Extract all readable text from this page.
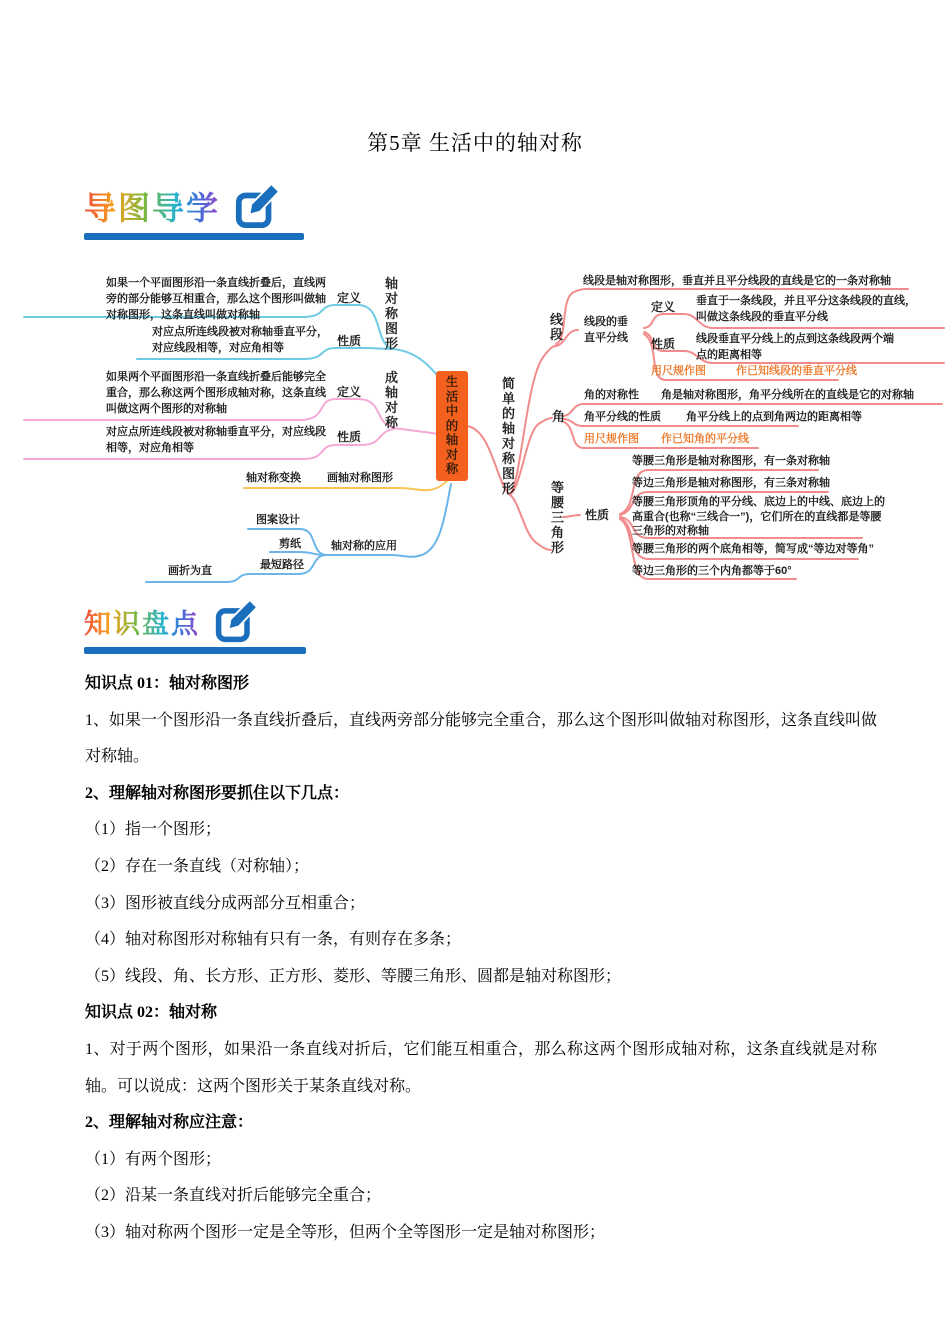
第5章 生活中的轴对称
导图导学
生活中的轴对称
如果一个平面图形沿一条直线折叠后，直线两旁的部分能够互相重合，那么这个图形叫做轴对称图形，这条直线叫做对称轴
定义
性质
对应点所连线段被对称轴垂直平分，对应线段相等，对应角相等
轴对称图形
如果两个平面图形沿一条直线折叠后能够完全重合，那么称这两个图形成轴对称，这条直线叫做这两个图形的对称轴
定义
性质
对应点所连线段被对称轴垂直平分，对应线段相等，对应角相等
成轴对称
轴对称变换 画轴对称图形
图案设计
剪纸
最短路径
画折为直
轴对称的应用
简单的轴对称图形
线段
线段是轴对称图形，垂直并且平分线段的直线是它的一条对称轴
线段的垂直平分线
定义 垂直于一条线段，并且平分这条线段的直线，叫做这条线段的垂直平分线
性质 线段垂直平分线上的点到这条线段两个端点的距离相等
用尺规作图	作已知线段的垂直平分线
角
角的对称性 角是轴对称图形，角平分线所在的直线是它的对称轴
角平分线的性质 角平分线上的点到角两边的距离相等
用尺规作图 作已知角的平分线
等腰三角形
性质
等腰三角形是轴对称图形，有一条对称轴
等边三角形是轴对称图形，有三条对称轴
等腰三角形顶角的平分线、底边上的中线、底边上的高重合(也称“三线合一”)，它们所在的直线都是等腰三角形的对称轴
等腰三角形的两个底角相等，简写成“等边对等角”
等边三角形的三个内角都等于60°
知识盘点

知识点 01：轴对称图形

1、如果一个图形沿一条直线折叠后，直线两旁部分能够完全重合，那么这个图形叫做轴对称图形，这条直线叫做对称轴。

2、理解轴对称图形要抓住以下几点：

（1）指一个图形；

（2）存在一条直线（对称轴）；

（3）图形被直线分成两部分互相重合；

（4）轴对称图形对称轴有只有一条，有则存在多条；

（5）线段、角、长方形、正方形、菱形、等腰三角形、圆都是轴对称图形；

知识点 02：轴对称

1、对于两个图形，如果沿一条直线对折后，它们能互相重合，那么称这两个图形成轴对称，这条直线就是对称轴。可以说成：这两个图形关于某条直线对称。

2、理解轴对称应注意：

（1）有两个图形；

（2）沿某一条直线对折后能够完全重合；

（3）轴对称两个图形一定是全等形，但两个全等图形一定是轴对称图形；
